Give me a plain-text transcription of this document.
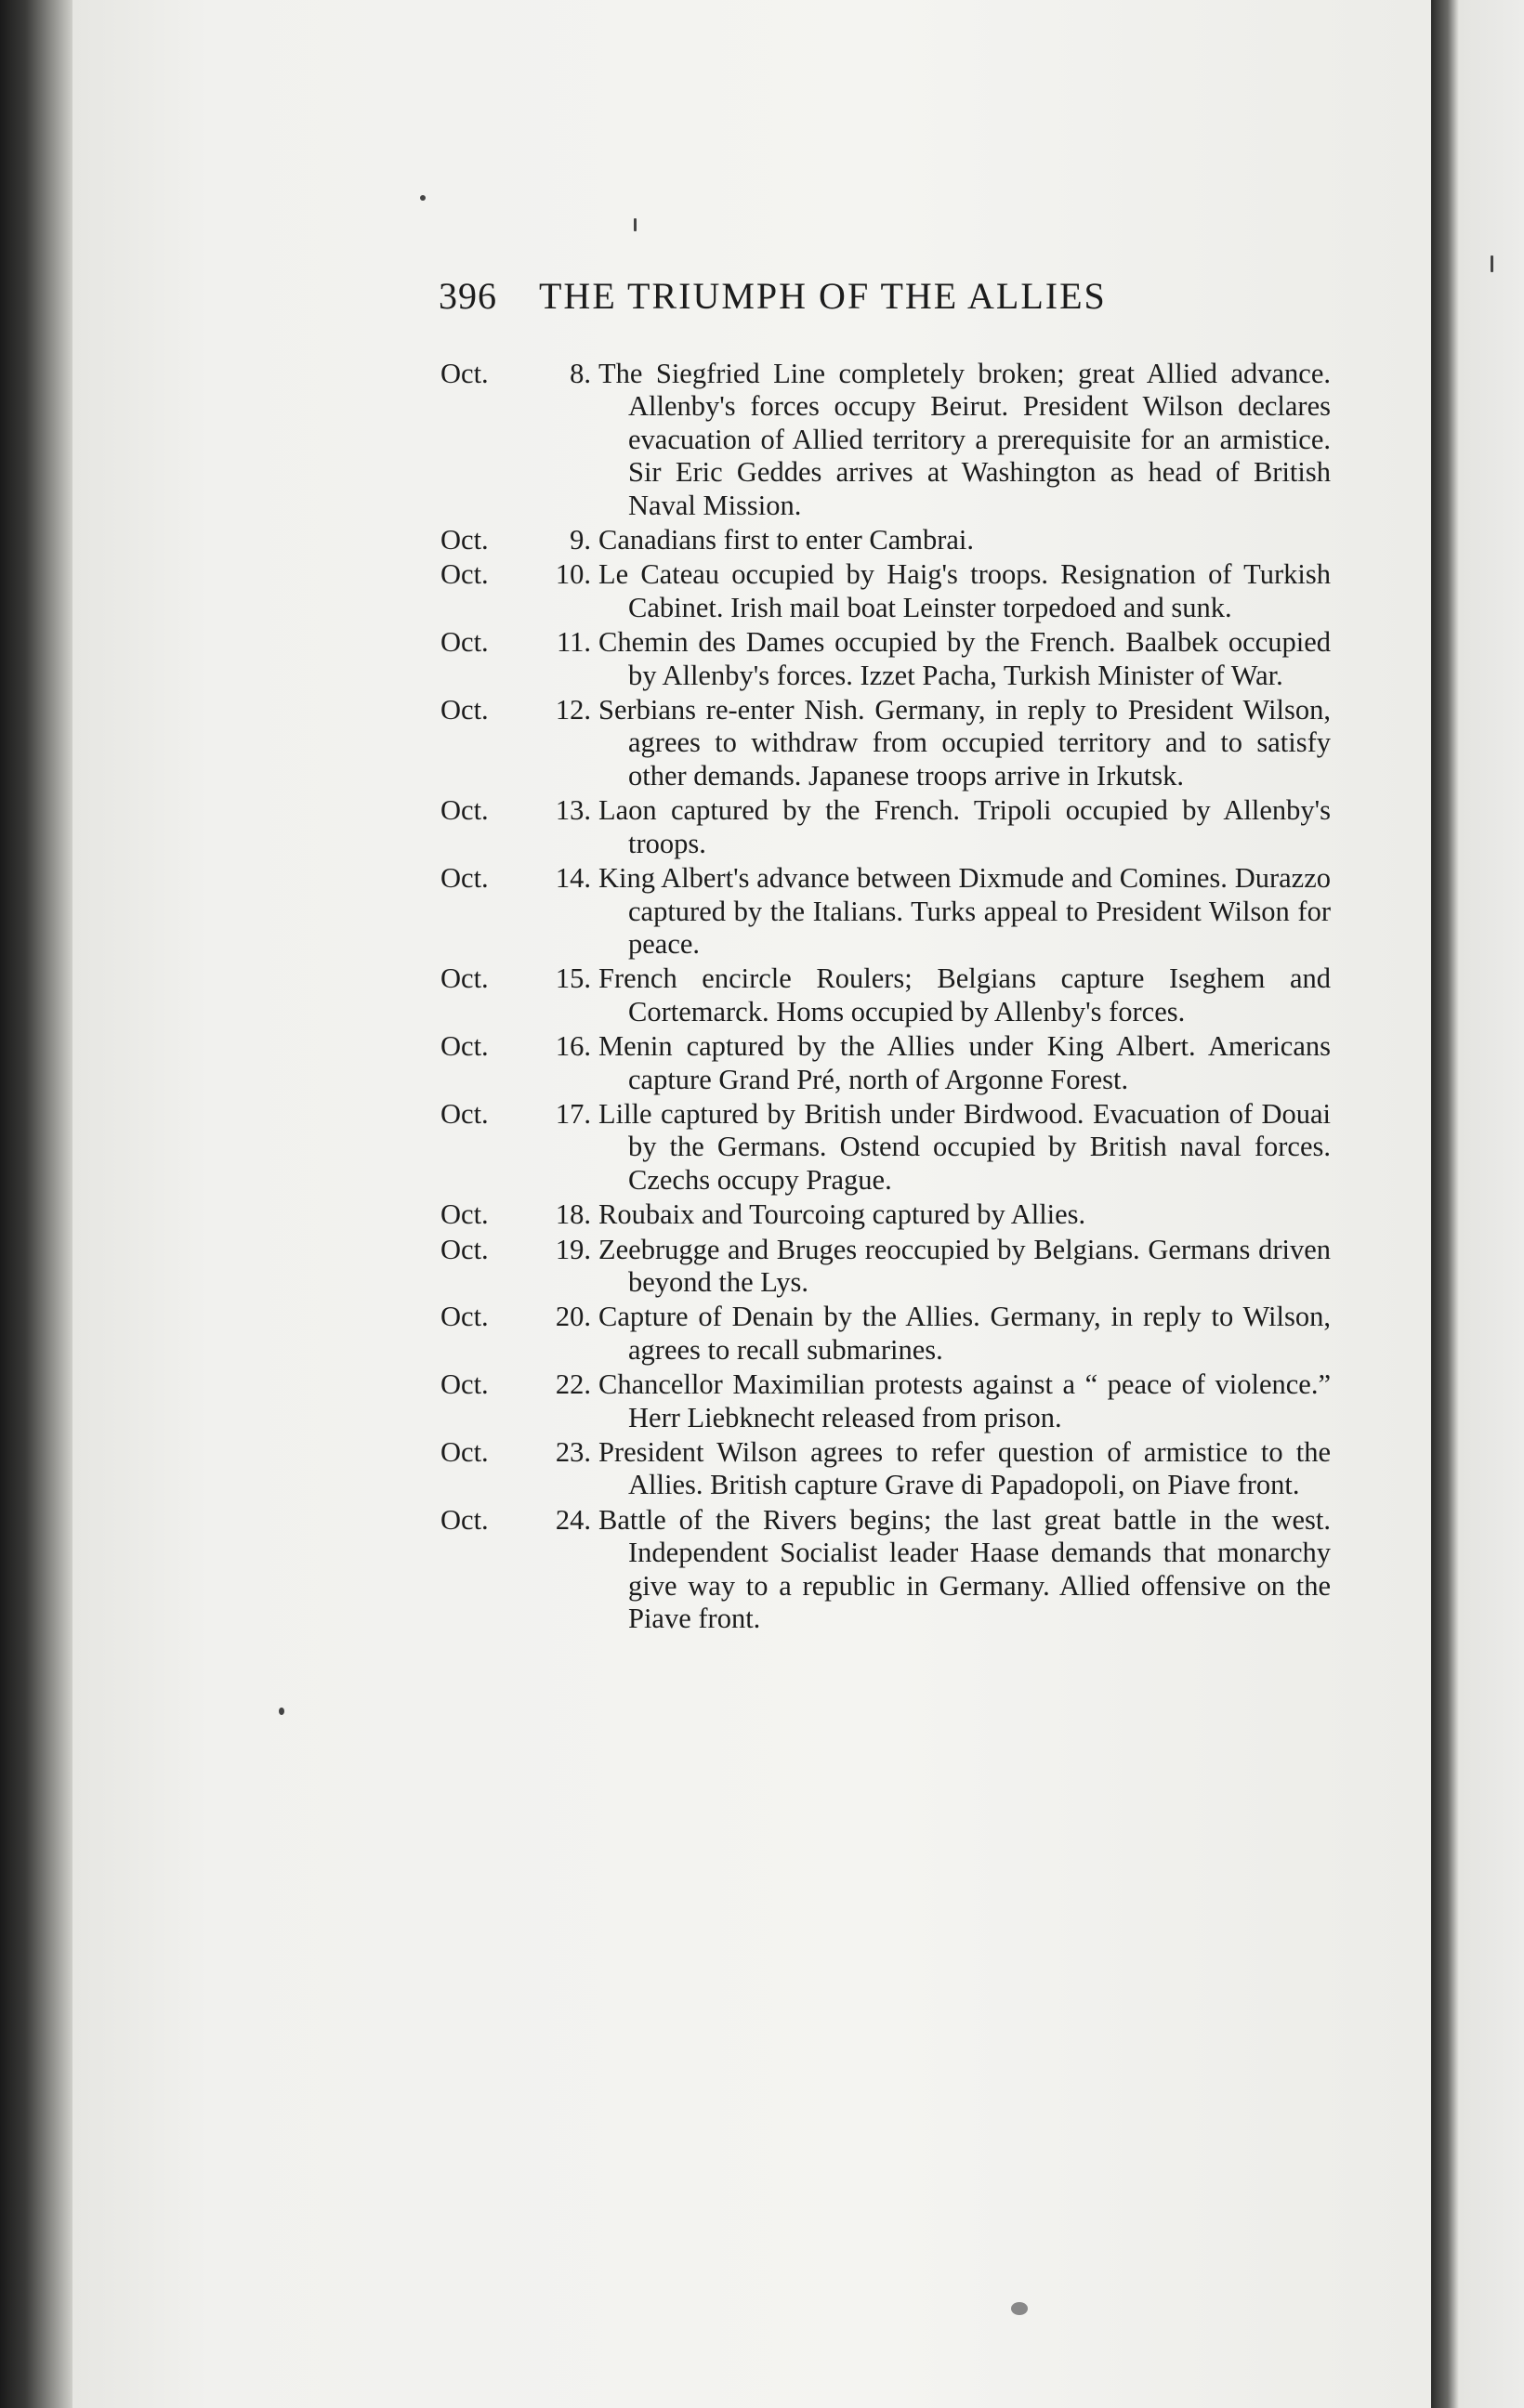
396 THE TRIUMPH OF THE ALLIES
Oct.	8. The Siegfried Line completely broken; great Allied advance. Allenby's forces occupy Beirut. President Wilson declares evacuation of Allied territory a prerequisite for an armistice. Sir Eric Geddes arrives at Washington as head of British Naval Mission.
Oct.	9. Canadians first to enter Cambrai.
Oct.	10. Le Cateau occupied by Haig's troops. Resignation of Turkish Cabinet. Irish mail boat Leinster torpedoed and sunk.
Oct.	11. Chemin des Dames occupied by the French. Baalbek occupied by Allenby's forces. Izzet Pacha, Turkish Minister of War.
Oct.	12. Serbians re-enter Nish. Germany, in reply to President Wilson, agrees to withdraw from occupied territory and to satisfy other demands. Japanese troops arrive in Irkutsk.
Oct.	13. Laon captured by the French. Tripoli occupied by Allenby's troops.
Oct.	14. King Albert's advance between Dixmude and Comines. Durazzo captured by the Italians. Turks appeal to President Wilson for peace.
Oct.	15. French encircle Roulers; Belgians capture Iseghem and Cortemarck. Homs occupied by Allenby's forces.
Oct.	16. Menin captured by the Allies under King Albert. Americans capture Grand Pré, north of Argonne Forest.
Oct.	17. Lille captured by British under Birdwood. Evacuation of Douai by the Germans. Ostend occupied by British naval forces. Czechs occupy Prague.
Oct.	18. Roubaix and Tourcoing captured by Allies.
Oct.	19. Zeebrugge and Bruges reoccupied by Belgians. Germans driven beyond the Lys.
Oct.	20. Capture of Denain by the Allies. Germany, in reply to Wilson, agrees to recall submarines.
Oct.	22. Chancellor Maximilian protests against a “ peace of violence.” Herr Liebknecht released from prison.
Oct.	23. President Wilson agrees to refer question of armistice to the Allies. British capture Grave di Papadopoli, on Piave front.
Oct.	24. Battle of the Rivers begins; the last great battle in the west. Independent Socialist leader Haase demands that monarchy give way to a republic in Germany. Allied offensive on the Piave front.
